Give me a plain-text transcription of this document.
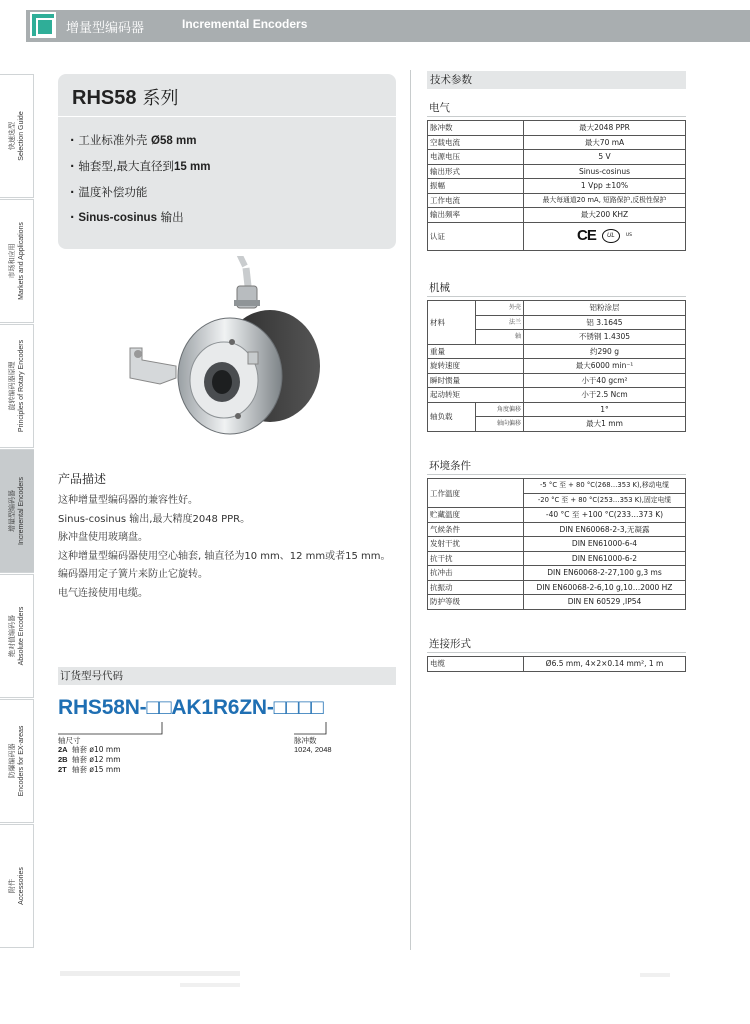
增量型编码器	Incremental Encoders
快速选型 Selection Guide
市场和应用 Markets and Applications
旋转编码器原理 Principles of Rotary Encoders
增量型编码器 Incremental Encoders
绝对值编码器 Absolute Encoders
防爆编码器 Encoders for EX-areas
附件 Accessories
RHS58 系列
· 工业标准外壳 Ø58 mm
· 轴套型,最大直径到15 mm
· 温度补偿功能
· Sinus-cosinus 输出
产品描述
这种增量型编码器的兼容性好。
Sinus-cosinus 输出,最大精度2048 PPR。
脉冲盘使用玻璃盘。
这种增量型编码器使用空心轴套, 轴直径为10 mm、12 mm或者15 mm。
编码器用定子簧片来防止它旋转。
电气连接使用电缆。
订货型号代码
RHS58N-□□AK1R6ZN-□□□□
轴尺寸
2A 轴套 ø10 mm
2B 轴套 ø12 mm
2T 轴套 ø15 mm
脉冲数
1024, 2048
技术参数
电气
脉冲数	最大2048 PPR
空载电流	最大70 mA
电源电压	5 V
输出形式	Sinus-cosinus
振幅	1 Vpp ±10%
工作电流	最大每通道20 mA, 短路保护,反极性保护
输出频率	最大200 KHZ
认证	CE UL US
机械
材料	外壳	铝粉涂层
	法兰	铝 3.1645
	轴	不锈钢 1.4305
重量		约290 g
旋转速度		最大6000 min⁻¹
瞬时惯量		小于40 gcm²
起动转矩		小于2.5 Ncm
轴负载	角度偏移	1°
	轴向偏移	最大1 mm
环境条件
工作温度	-5 °C 至 + 80 °C(268…353 K),移动电缆
	-20 °C 至 + 80 °C(253…353 K),固定电缆
贮藏温度	-40 °C 至 +100 °C(233…373 K)
气候条件	DIN EN60068-2-3,无凝露
发射干扰	DIN EN61000-6-4
抗干扰	DIN EN61000-6-2
抗冲击	DIN EN60068-2-27,100 g,3 ms
抗振动	DIN EN60068-2-6,10 g,10…2000 HZ
防护等级	DIN EN 60529 ,IP54
连接形式
电缆	Ø6.5 mm, 4×2×0.14 mm², 1 m
